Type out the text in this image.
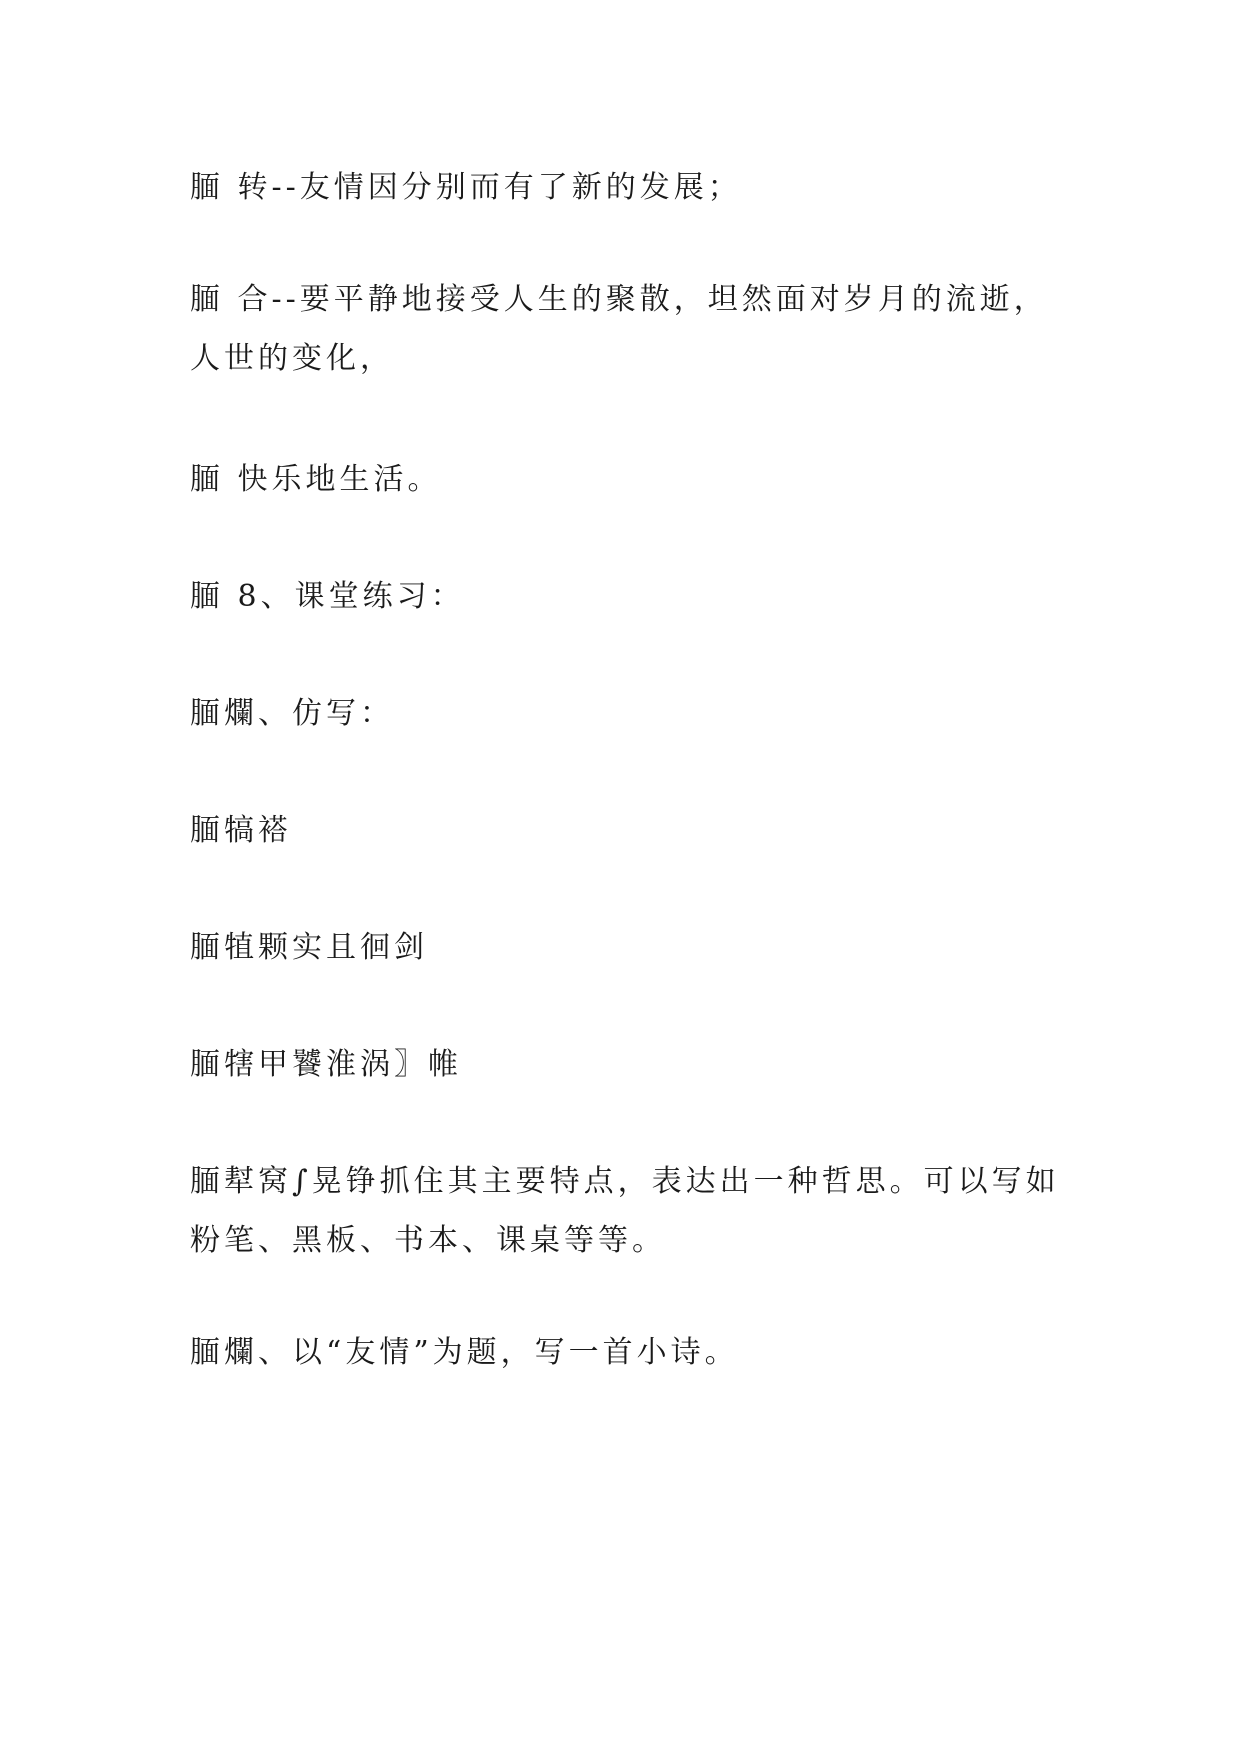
腼 转--友情因分别而有了新的发展；

腼 合--要平静地接受人生的聚散，坦然面对岁月的流逝，人世的变化，

腼 快乐地生活。

腼 8、课堂练习：

腼爛、仿写：

腼犒褡

腼犆颗实且徊剑

腼犗甲饕淮涡〗帷

腼犎窝∫晃铮抓住其主要特点，表达出一种哲思。可以写如粉笔、黑板、书本、课桌等等。

腼爛、以“友情”为题，写一首小诗。
